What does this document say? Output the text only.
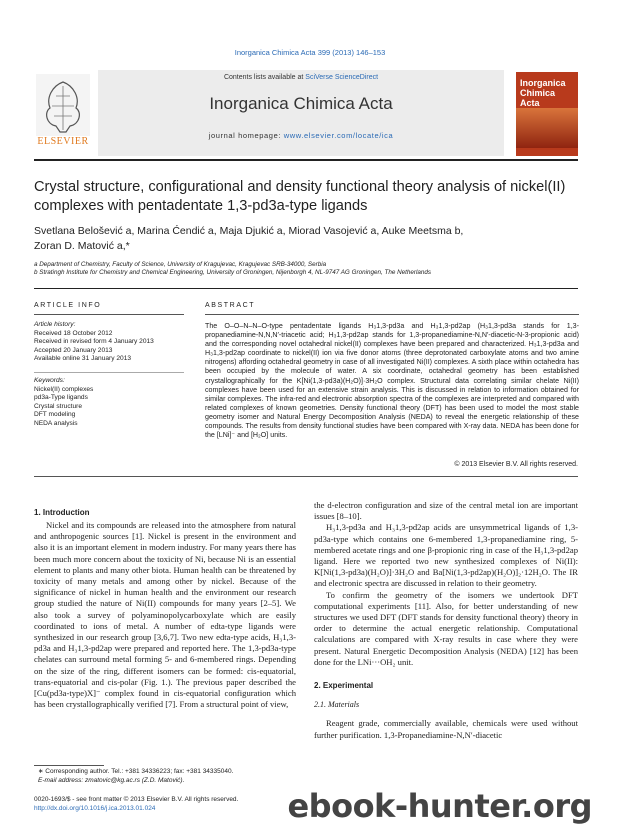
Inorganica Chimica Acta 399 (2013) 146–153
ELSEVIER
Contents lists available at SciVerse ScienceDirect
Inorganica Chimica Acta
journal homepage: www.elsevier.com/locate/ica
Inorganica Chimica Acta
Crystal structure, configurational and density functional theory analysis of nickel(II) complexes with pentadentate 1,3-pd3a-type ligands
Svetlana Belošević a, Marina Ćendić a, Maja Djukić a, Miorad Vasojević a, Auke Meetsma b,
Zoran D. Matović a,*
a Department of Chemistry, Faculty of Science, University of Kragujevac, Kragujevac SRB-34000, Serbia
b Stratingh Institute for Chemistry and Chemical Engineering, University of Groningen, Nijenborgh 4, NL-9747 AG Groningen, The Netherlands
ARTICLE INFO
Article history:
Received 18 October 2012
Received in revised form 4 January 2013
Accepted 20 January 2013
Available online 31 January 2013
Keywords:
Nickel(II) complexes
pd3a-Type ligands
Crystal structure
DFT modeling
NEDA analysis
ABSTRACT
The O–O–N–N–O-type pentadentate ligands H₃1,3-pd3a and H₃1,3-pd2ap (H₃1,3-pd3a stands for 1,3-propanediamine-N,N,N′-triacetic acid; H₃1,3-pd2ap stands for 1,3-propanediamine-N,N′-diacetic-N-3-propionic acid) and the corresponding novel octahedral nickel(II) complexes have been prepared and characterized. H₃1,3-pd3a and H₃1,3-pd2ap coordinate to nickel(II) ion via five donor atoms (three deprotonated carboxylate atoms and two amine nitrogens) affording octahedral geometry in case of all investigated Ni(II) complexes. A sixth place within octahedra has been occupied by the molecule of water. A six coordinate, octahedral geometry has been established crystallographically for the K[Ni(1,3-pd3a)(H₂O)]·3H₂O complex. Structural data correlating similar chelate Ni(II) complexes have been used for an extensive strain analysis. This is discussed in relation to information obtained for similar complexes. The infra-red and electronic absorption spectra of the complexes are interpreted and compared with related complexes of known geometries. Density functional theory (DFT) has been used to model the most stable geometry isomer and Natural Energy Decomposition Analysis (NEDA) to reveal the energetic relationship of these compounds. The results from density functional studies have been compared with X-ray data. NEDA has been done for the [LNi]⁻ and [H₂O] units.
© 2013 Elsevier B.V. All rights reserved.
1. Introduction

Nickel and its compounds are released into the atmosphere from natural and anthropogenic sources [1]. Nickel is present in the environment and also it is an important element in modern industry. For many years there has been much more concern about the toxicity of Ni, because Ni is an essential element to plants and many other biota. Human health can be threatened by toxicity of many metals and among other by nickel. Because of the significance of nickel in human health and the environment our research group studied the nature of Ni(II) compounds for many years [2–5]. We also took a survey of polyaminopolycarboxylate which are easily coordinated to ions of metal. A number of edta-type ligands were synthesized in our research group [3,6,7]. Two new edta-type acids, H₃1,3-pd3a and H₃1,3-pd2ap were prepared and reported here. The 1,3-pd3a-type chelates can surround metal forming 5- and 6-membered rings. Depending on the size of the ring, different isomers can be formed: cis-equatorial, trans-equatorial and cis-polar (Fig. 1.). The previous paper described the [Cu(pd3a-type)X]⁻ complex found in cis-equatorial configuration which has been crystallographically verified [7]. From a structural point of view,

the d-electron configuration and size of the central metal ion are important issues [8–10].

H₃1,3-pd3a and H₃1,3-pd2ap acids are unsymmetrical ligands of 1,3-pd3a-type which contains one 6-membered 1,3-propanediamine ring, 5-membered acetate rings and one β-propionic ring in case of the H₃1,3-pd2ap ligand. Here we reported two new synthesized complexes of Ni(II): K[Ni(1,3-pd3a)(H₂O)]·3H₂O and Ba[Ni(1,3-pd2ap)(H₂O)]₂·12H₂O. The IR and electronic spectra are discussed in relation to their geometry.

To confirm the geometry of the isomers we undertook DFT computational experiments [11]. Also, for better understanding of new structures we used DFT (DFT stands for density functional theory) theory in order to determine the actual energetic relationship. Computational calculations are compared with X-ray results in case where they were present. Natural Energetic Decomposition Analysis (NEDA) [12] has been done for the LNi···OH₂ unit.

2. Experimental
2.1. Materials

Reagent grade, commercially available, chemicals were used without further purification. 1,3-Propanediamine-N,N′-diacetic

∗ Corresponding author. Tel.: +381 34336223; fax: +381 34335040.
E-mail address: zmatovic@kg.ac.rs (Z.D. Matović).
0020-1693/$ - see front matter © 2013 Elsevier B.V. All rights reserved.
http://dx.doi.org/10.1016/j.ica.2013.01.024	ebook-hunter.org
